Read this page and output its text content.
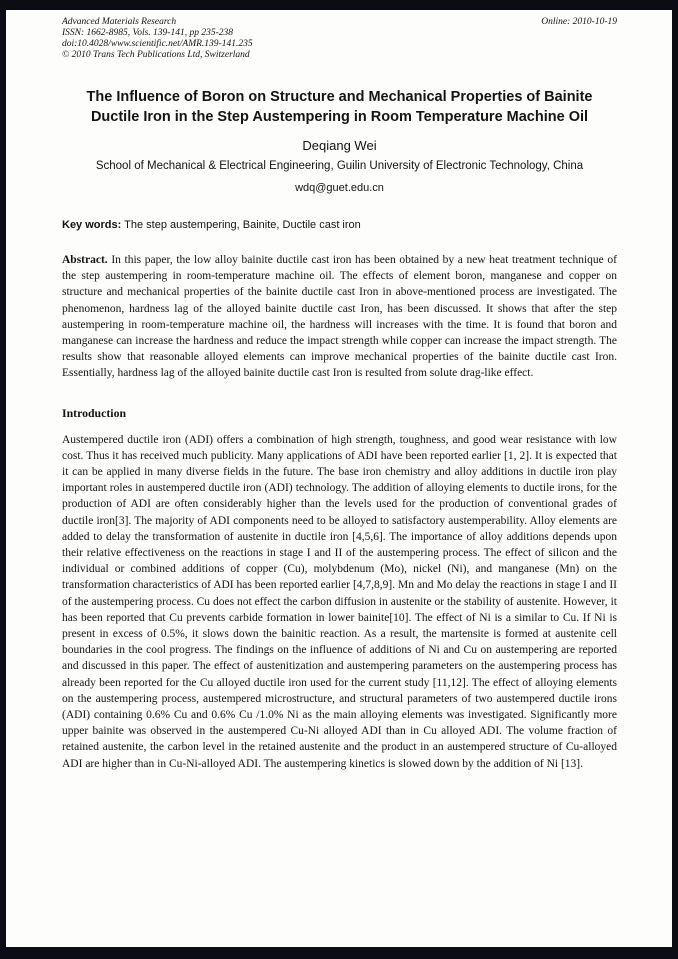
Advanced Materials Research
ISSN: 1662-8985, Vols. 139-141, pp 235-238
doi:10.4028/www.scientific.net/AMR.139-141.235
© 2010 Trans Tech Publications Ltd, Switzerland
Online: 2010-10-19
The Influence of Boron on Structure and Mechanical Properties of Bainite Ductile Iron in the Step Austempering in Room Temperature Machine Oil
Deqiang Wei
School of Mechanical & Electrical Engineering, Guilin University of Electronic Technology, China
wdq@guet.edu.cn

Key words: The step austempering, Bainite, Ductile cast iron

Abstract. In this paper, the low alloy bainite ductile cast iron has been obtained by a new heat treatment technique of the step austempering in room-temperature machine oil. The effects of element boron, manganese and copper on structure and mechanical properties of the bainite ductile cast Iron in above-mentioned process are investigated. The phenomenon, hardness lag of the alloyed bainite ductile cast Iron, has been discussed. It shows that after the step austempering in room-temperature machine oil, the hardness will increases with the time. It is found that boron and manganese can increase the hardness and reduce the impact strength while copper can increase the impact strength. The results show that reasonable alloyed elements can improve mechanical properties of the bainite ductile cast Iron. Essentially, hardness lag of the alloyed bainite ductile cast Iron is resulted from solute drag-like effect.

Introduction

Austempered ductile iron (ADI) offers a combination of high strength, toughness, and good wear resistance with low cost. Thus it has received much publicity. Many applications of ADI have been reported earlier [1, 2]. It is expected that it can be applied in many diverse fields in the future. The base iron chemistry and alloy additions in ductile iron play important roles in austempered ductile iron (ADI) technology. The addition of alloying elements to ductile irons, for the production of ADI are often considerably higher than the levels used for the production of conventional grades of ductile iron[3]. The majority of ADI components need to be alloyed to satisfactory austemperability. Alloy elements are added to delay the transformation of austenite in ductile iron [4,5,6]. The importance of alloy additions depends upon their relative effectiveness on the reactions in stage I and II of the austempering process. The effect of silicon and the individual or combined additions of copper (Cu), molybdenum (Mo), nickel (Ni), and manganese (Mn) on the transformation characteristics of ADI has been reported earlier [4,7,8,9]. Mn and Mo delay the reactions in stage I and II of the austempering process. Cu does not effect the carbon diffusion in austenite or the stability of austenite. However, it has been reported that Cu prevents carbide formation in lower bainite[10]. The effect of Ni is a similar to Cu. If Ni is present in excess of 0.5%, it slows down the bainitic reaction. As a result, the martensite is formed at austenite cell boundaries in the cool progress. The findings on the influence of additions of Ni and Cu on austempering are reported and discussed in this paper. The effect of austenitization and austempering parameters on the austempering process has already been reported for the Cu alloyed ductile iron used for the current study [11,12]. The effect of alloying elements on the austempering process, austempered microstructure, and structural parameters of two austempered ductile irons (ADI) containing 0.6% Cu and 0.6% Cu /1.0% Ni as the main alloying elements was investigated. Significantly more upper bainite was observed in the austempered Cu-Ni alloyed ADI than in Cu alloyed ADI. The volume fraction of retained austenite, the carbon level in the retained austenite and the product in an austempered structure of Cu-alloyed ADI are higher than in Cu-Ni-alloyed ADI. The austempering kinetics is slowed down by the addition of Ni [13].
